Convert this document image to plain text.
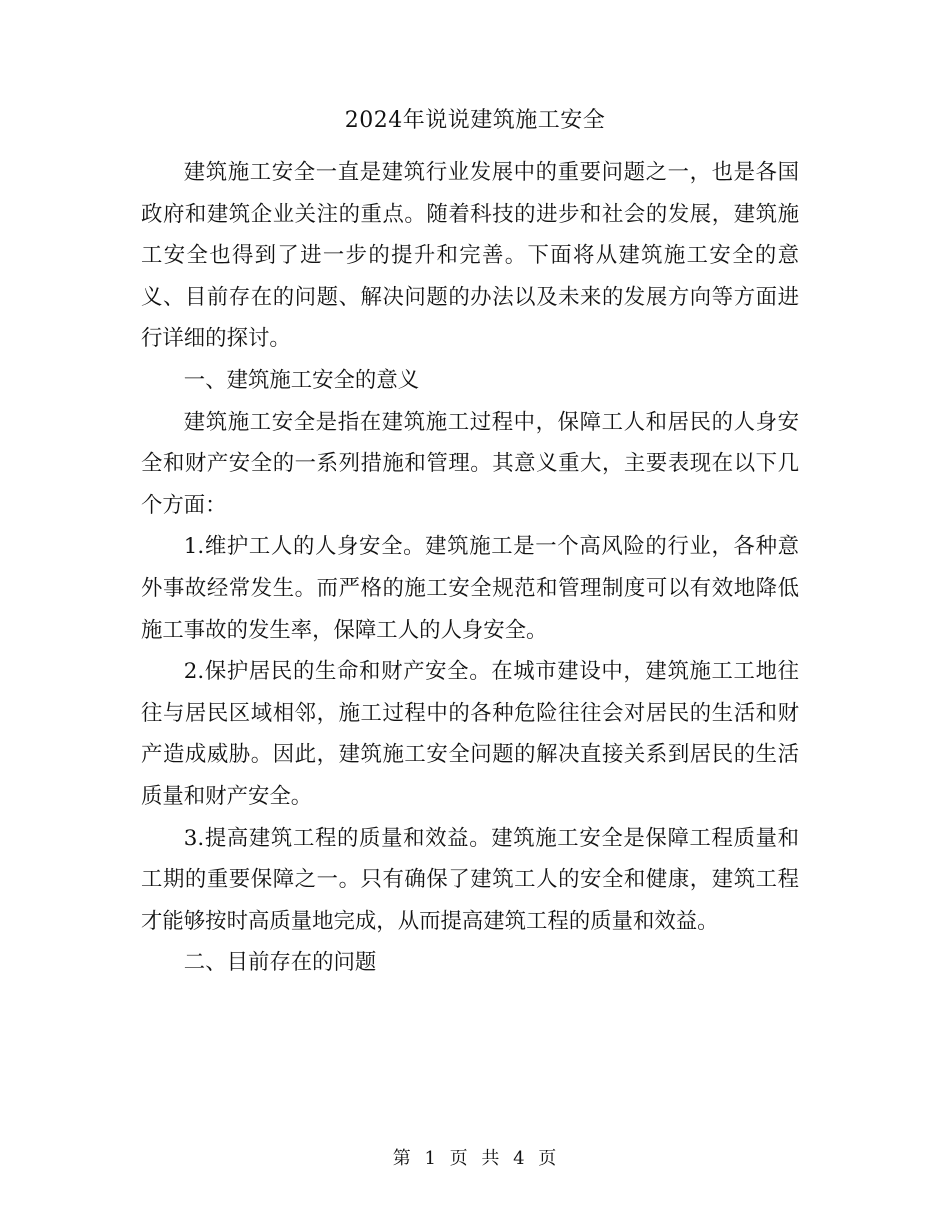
2024年说说建筑施工安全

建筑施工安全一直是建筑行业发展中的重要问题之一，也是各国政府和建筑企业关注的重点。随着科技的进步和社会的发展，建筑施工安全也得到了进一步的提升和完善。下面将从建筑施工安全的意义、目前存在的问题、解决问题的办法以及未来的发展方向等方面进行详细的探讨。

一、建筑施工安全的意义

建筑施工安全是指在建筑施工过程中，保障工人和居民的人身安全和财产安全的一系列措施和管理。其意义重大，主要表现在以下几个方面：

1.维护工人的人身安全。建筑施工是一个高风险的行业，各种意外事故经常发生。而严格的施工安全规范和管理制度可以有效地降低施工事故的发生率，保障工人的人身安全。

2.保护居民的生命和财产安全。在城市建设中，建筑施工工地往往与居民区域相邻，施工过程中的各种危险往往会对居民的生活和财产造成威胁。因此，建筑施工安全问题的解决直接关系到居民的生活质量和财产安全。

3.提高建筑工程的质量和效益。建筑施工安全是保障工程质量和工期的重要保障之一。只有确保了建筑工人的安全和健康，建筑工程才能够按时高质量地完成，从而提高建筑工程的质量和效益。

二、目前存在的问题

第 1 页 共 4 页
